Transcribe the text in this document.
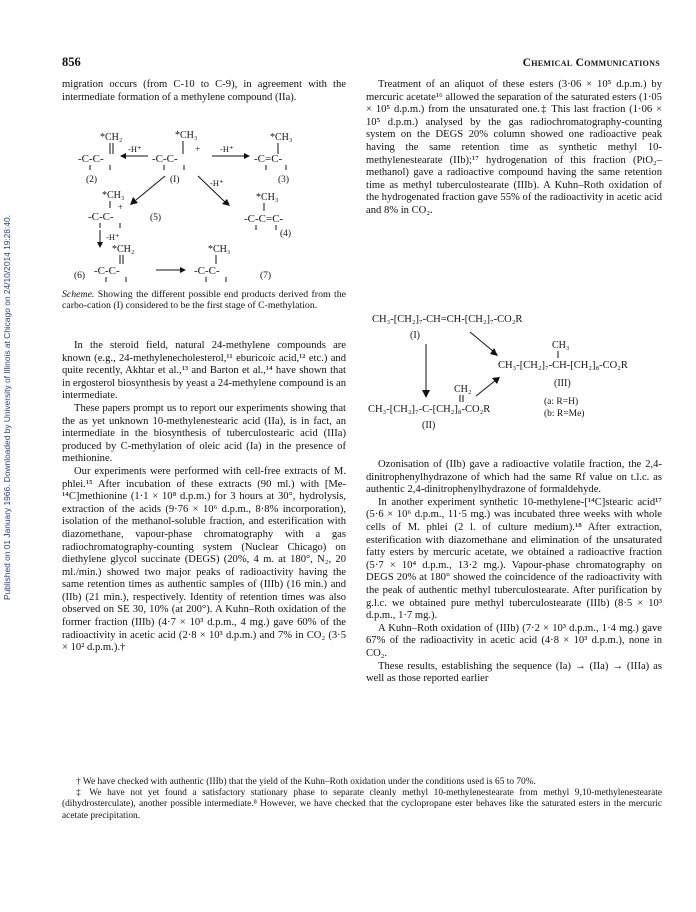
Published on 01 January 1966. Downloaded by University of Illinois at Chicago on 24/10/2014 19:28:40.
856	Chemical Communications

migration occurs (from C-10 to C-9), in agreement with the intermediate formation of a methylene compound (IIa).

*CH₂	*CH₃	*CH₃
-C-C-	-C-C-	-C=C-
+
-H⁺	-H⁺
(2)	(I)	(3)
-H⁺
*CH₃	*CH₃
-C-C-
+
(5)	-C-C=C-
(4)
-H⁺
*CH₂	*CH₃
(6) -C-C-	-C-C-	(7)

Scheme. Showing the different possible end products derived from the carbo-cation (I) considered to be the first stage of C-methylation.

In the steroid field, natural 24-methylene compounds are known (e.g., 24-methylenecholesterol,¹¹ eburicoic acid,¹² etc.) and quite recently, Akhtar et al.,¹³ and Barton et al.,¹⁴ have shown that in ergosterol biosynthesis by yeast a 24-methylene compound is an intermediate.

These papers prompt us to report our experiments showing that the as yet unknown 10-methylenestearic acid (IIa), is in fact, an intermediate in the biosynthesis of tuberculostearic acid (IIIa) produced by C-methylation of oleic acid (Ia) in the presence of methionine.

Our experiments were performed with cell-free extracts of M. phlei.¹⁵ After incubation of these extracts (90 ml.) with [Me-¹⁴C]methionine (1·1 × 10⁸ d.p.m.) for 3 hours at 30°, hydrolysis, extraction of the acids (9·76 × 10⁶ d.p.m., 8·8% incorporation), isolation of the methanol-soluble fraction, and esterification with diazomethane, vapour-phase chromatography with a gas radiochromatography-counting system (Nuclear Chicago) on diethylene glycol succinate (DEGS) (20%, 4 m. at 180°, N₂, 20 ml./min.) showed two major peaks of radioactivity having the same retention times as authentic samples of (IIIb) (16 min.) and (IIb) (21 min.), respectively. Identity of retention times was also observed on SE 30, 10% (at 200°). A Kuhn–Roth oxidation of the former fraction (IIIb) (4·7 × 10³ d.p.m., 4 mg.) gave 60% of the radioactivity in acetic acid (2·8 × 10³ d.p.m.) and 7% in CO₂ (3·5 × 10² d.p.m.).†

Treatment of an aliquot of these esters (3·06 × 10⁵ d.p.m.) by mercuric acetate¹⁶ allowed the separation of the saturated esters (1·05 × 10⁵ d.p.m.) from the unsaturated one.‡ This last fraction (1·06 × 10⁵ d.p.m.) analysed by the gas radiochromatography-counting system on the DEGS 20% column showed one radioactive peak having the same retention time as synthetic methyl 10-methylenestearate (IIb);¹⁷ hydrogenation of this fraction (PtO₂–methanol) gave a radioactive compound having the same retention time as methyl tuberculostearate (IIIb). A Kuhn–Roth oxidation of the hydrogenated fraction gave 55% of the radioactivity in acetic acid and 8% in CO₂.

CH₃-[CH₂]₇-CH=CH-[CH₂]₇-CO₂R
(I)
CH₃
CH₃-[CH₂]₇-CH-[CH₂]₈-CO₂R
(III)
CH₂
CH₃-[CH₂]₇-C-[CH₂]₈-CO₂R
(II)
(a: R=H)
(b: R=Me)

Ozonisation of (IIb) gave a radioactive volatile fraction, the 2,4-dinitrophenylhydrazone of which had the same Rf value on t.l.c. as authentic 2,4-dinitrophenylhydrazone of formaldehyde.

In another experiment synthetic 10-methylene-[¹⁴C]stearic acid¹⁷ (5·6 × 10⁶ d.p.m., 11·5 mg.) was incubated three weeks with whole cells of M. phlei (2 l. of culture medium).¹⁸ After extraction, esterification with diazomethane and elimination of the unsaturated fatty esters by mercuric acetate, we obtained a radioactive fraction (5·7 × 10⁴ d.p.m., 13·2 mg.). Vapour-phase chromatography on DEGS 20% at 180° showed the coincidence of the radioactivity with the peak of authentic methyl tuberculostearate. After purification by g.l.c. we obtained pure methyl tuberculostearate (IIIb) (8·5 × 10³ d.p.m., 1·7 mg.).

A Kuhn–Roth oxidation of (IIIb) (7·2 × 10³ d.p.m., 1·4 mg.) gave 67% of the radioactivity in acetic acid (4·8 × 10³ d.p.m.), none in CO₂.

These results, establishing the sequence (Ia) → (IIa) → (IIIa) as well as those reported earlier

† We have checked with authentic (IIIb) that the yield of the Kuhn–Roth oxidation under the conditions used is 65 to 70%.

‡ We have not yet found a satisfactory stationary phase to separate cleanly methyl 10-methylenestearate from methyl 9,10-methylenestearate (dihydrosterculate), another possible intermediate.⁸ However, we have checked that the cyclopropane ester behaves like the saturated esters in the mercuric acetate precipitation.
